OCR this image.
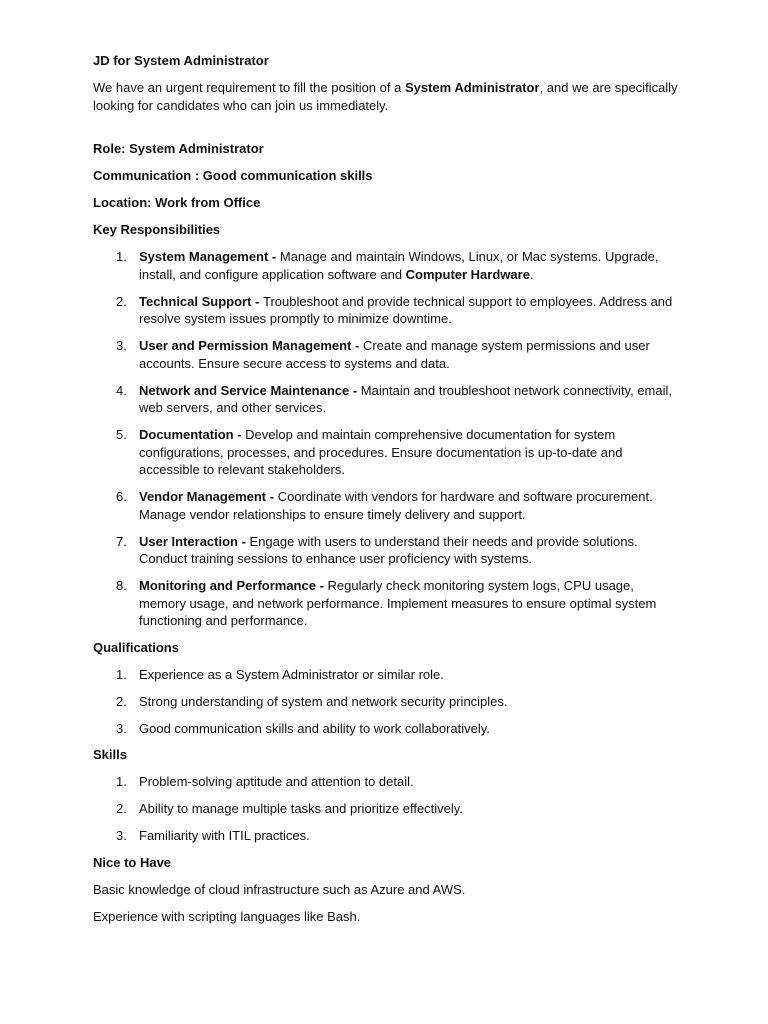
JD for System Administrator

We have an urgent requirement to fill the position of a System Administrator, and we are specifically looking for candidates who can join us immediately.

Role: System Administrator

Communication : Good communication skills

Location: Work from Office

Key Responsibilities

1. System Management - Manage and maintain Windows, Linux, or Mac systems. Upgrade, install, and configure application software and Computer Hardware.
2. Technical Support - Troubleshoot and provide technical support to employees. Address and resolve system issues promptly to minimize downtime.
3. User and Permission Management - Create and manage system permissions and user accounts. Ensure secure access to systems and data.
4. Network and Service Maintenance - Maintain and troubleshoot network connectivity, email, web servers, and other services.
5. Documentation - Develop and maintain comprehensive documentation for system configurations, processes, and procedures. Ensure documentation is up-to-date and accessible to relevant stakeholders.
6. Vendor Management - Coordinate with vendors for hardware and software procurement. Manage vendor relationships to ensure timely delivery and support.
7. User Interaction - Engage with users to understand their needs and provide solutions. Conduct training sessions to enhance user proficiency with systems.
8. Monitoring and Performance - Regularly check monitoring system logs, CPU usage, memory usage, and network performance. Implement measures to ensure optimal system functioning and performance.

Qualifications

1. Experience as a System Administrator or similar role.
2. Strong understanding of system and network security principles.
3. Good communication skills and ability to work collaboratively.

Skills

1. Problem-solving aptitude and attention to detail.
2. Ability to manage multiple tasks and prioritize effectively.
3. Familiarity with ITIL practices.

Nice to Have

Basic knowledge of cloud infrastructure such as Azure and AWS.

Experience with scripting languages like Bash.
